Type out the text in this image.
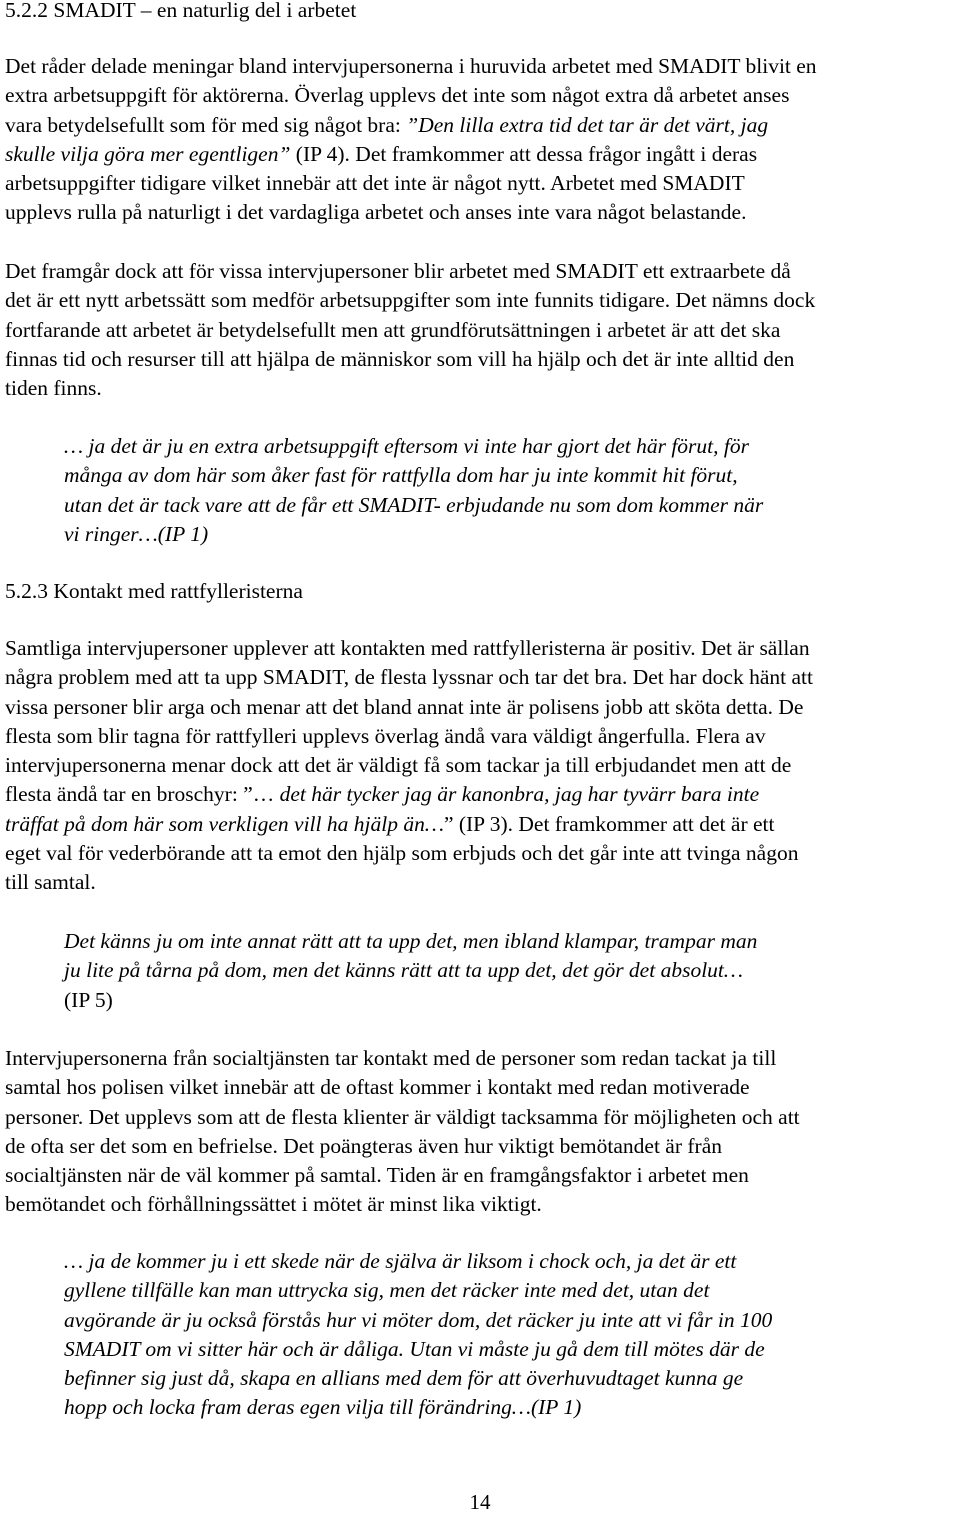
5.2.2 SMADIT – en naturlig del i arbetet
Det råder delade meningar bland intervjupersonerna i huruvida arbetet med SMADIT blivit en
extra arbetsuppgift för aktörerna. Överlag upplevs det inte som något extra då arbetet anses
vara betydelsefullt som för med sig något bra: ”Den lilla extra tid det tar är det värt, jag
skulle vilja göra mer egentligen” (IP 4). Det framkommer att dessa frågor ingått i deras
arbetsuppgifter tidigare vilket innebär att det inte är något nytt. Arbetet med SMADIT
upplevs rulla på naturligt i det vardagliga arbetet och anses inte vara något belastande.
Det framgår dock att för vissa intervjupersoner blir arbetet med SMADIT ett extraarbete då
det är ett nytt arbetssätt som medför arbetsuppgifter som inte funnits tidigare. Det nämns dock
fortfarande att arbetet är betydelsefullt men att grundförutsättningen i arbetet är att det ska
finnas tid och resurser till att hjälpa de människor som vill ha hjälp och det är inte alltid den
tiden finns.
… ja det är ju en extra arbetsuppgift eftersom vi inte har gjort det här förut, för
många av dom här som åker fast för rattfylla dom har ju inte kommit hit förut,
utan det är tack vare att de får ett SMADIT- erbjudande nu som dom kommer när
vi ringer…(IP 1)
5.2.3 Kontakt med rattfylleristerna
Samtliga intervjupersoner upplever att kontakten med rattfylleristerna är positiv. Det är sällan
några problem med att ta upp SMADIT, de flesta lyssnar och tar det bra. Det har dock hänt att
vissa personer blir arga och menar att det bland annat inte är polisens jobb att sköta detta. De
flesta som blir tagna för rattfylleri upplevs överlag ändå vara väldigt ångerfulla. Flera av
intervjupersonerna menar dock att det är väldigt få som tackar ja till erbjudandet men att de
flesta ändå tar en broschyr: ”… det här tycker jag är kanonbra, jag har tyvärr bara inte
träffat på dom här som verkligen vill ha hjälp än…” (IP 3). Det framkommer att det är ett
eget val för vederbörande att ta emot den hjälp som erbjuds och det går inte att tvinga någon
till samtal.
Det känns ju om inte annat rätt att ta upp det, men ibland klampar, trampar man
ju lite på tårna på dom, men det känns rätt att ta upp det, det gör det absolut…
(IP 5)
Intervjupersonerna från socialtjänsten tar kontakt med de personer som redan tackat ja till
samtal hos polisen vilket innebär att de oftast kommer i kontakt med redan motiverade
personer. Det upplevs som att de flesta klienter är väldigt tacksamma för möjligheten och att
de ofta ser det som en befrielse. Det poängteras även hur viktigt bemötandet är från
socialtjänsten när de väl kommer på samtal. Tiden är en framgångsfaktor i arbetet men
bemötandet och förhållningssättet i mötet är minst lika viktigt.
… ja de kommer ju i ett skede när de själva är liksom i chock och, ja det är ett
gyllene tillfälle kan man uttrycka sig, men det räcker inte med det, utan det
avgörande är ju också förstås hur vi möter dom, det räcker ju inte att vi får in 100
SMADIT om vi sitter här och är dåliga. Utan vi måste ju gå dem till mötes där de
befinner sig just då, skapa en allians med dem för att överhuvudtaget kunna ge
hopp och locka fram deras egen vilja till förändring…(IP 1)
14
